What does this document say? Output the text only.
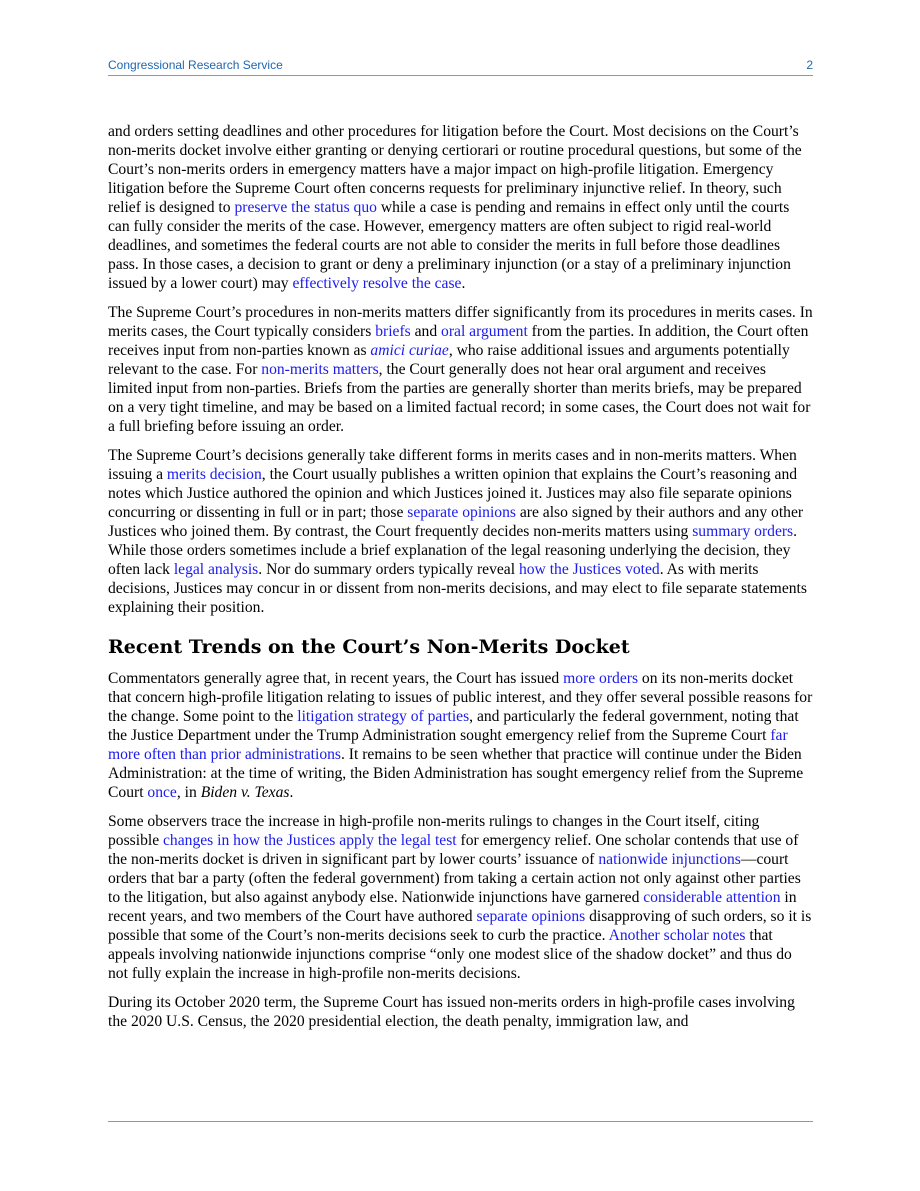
Congressional Research Service	2

and orders setting deadlines and other procedures for litigation before the Court. Most decisions on the Court’s non-merits docket involve either granting or denying certiorari or routine procedural questions, but some of the Court’s non-merits orders in emergency matters have a major impact on high-profile litigation. Emergency litigation before the Supreme Court often concerns requests for preliminary injunctive relief. In theory, such relief is designed to preserve the status quo while a case is pending and remains in effect only until the courts can fully consider the merits of the case. However, emergency matters are often subject to rigid real-world deadlines, and sometimes the federal courts are not able to consider the merits in full before those deadlines pass. In those cases, a decision to grant or deny a preliminary injunction (or a stay of a preliminary injunction issued by a lower court) may effectively resolve the case.

The Supreme Court’s procedures in non-merits matters differ significantly from its procedures in merits cases. In merits cases, the Court typically considers briefs and oral argument from the parties. In addition, the Court often receives input from non-parties known as amici curiae, who raise additional issues and arguments potentially relevant to the case. For non-merits matters, the Court generally does not hear oral argument and receives limited input from non-parties. Briefs from the parties are generally shorter than merits briefs, may be prepared on a very tight timeline, and may be based on a limited factual record; in some cases, the Court does not wait for a full briefing before issuing an order.

The Supreme Court’s decisions generally take different forms in merits cases and in non-merits matters. When issuing a merits decision, the Court usually publishes a written opinion that explains the Court’s reasoning and notes which Justice authored the opinion and which Justices joined it. Justices may also file separate opinions concurring or dissenting in full or in part; those separate opinions are also signed by their authors and any other Justices who joined them. By contrast, the Court frequently decides non-merits matters using summary orders. While those orders sometimes include a brief explanation of the legal reasoning underlying the decision, they often lack legal analysis. Nor do summary orders typically reveal how the Justices voted. As with merits decisions, Justices may concur in or dissent from non-merits decisions, and may elect to file separate statements explaining their position.

Recent Trends on the Court’s Non-Merits Docket

Commentators generally agree that, in recent years, the Court has issued more orders on its non-merits docket that concern high-profile litigation relating to issues of public interest, and they offer several possible reasons for the change. Some point to the litigation strategy of parties, and particularly the federal government, noting that the Justice Department under the Trump Administration sought emergency relief from the Supreme Court far more often than prior administrations. It remains to be seen whether that practice will continue under the Biden Administration: at the time of writing, the Biden Administration has sought emergency relief from the Supreme Court once, in Biden v. Texas.

Some observers trace the increase in high-profile non-merits rulings to changes in the Court itself, citing possible changes in how the Justices apply the legal test for emergency relief. One scholar contends that use of the non-merits docket is driven in significant part by lower courts’ issuance of nationwide injunctions—court orders that bar a party (often the federal government) from taking a certain action not only against other parties to the litigation, but also against anybody else. Nationwide injunctions have garnered considerable attention in recent years, and two members of the Court have authored separate opinions disapproving of such orders, so it is possible that some of the Court’s non-merits decisions seek to curb the practice. Another scholar notes that appeals involving nationwide injunctions comprise “only one modest slice of the shadow docket” and thus do not fully explain the increase in high-profile non-merits decisions.

During its October 2020 term, the Supreme Court has issued non-merits orders in high-profile cases involving the 2020 U.S. Census, the 2020 presidential election, the death penalty, immigration law, and
